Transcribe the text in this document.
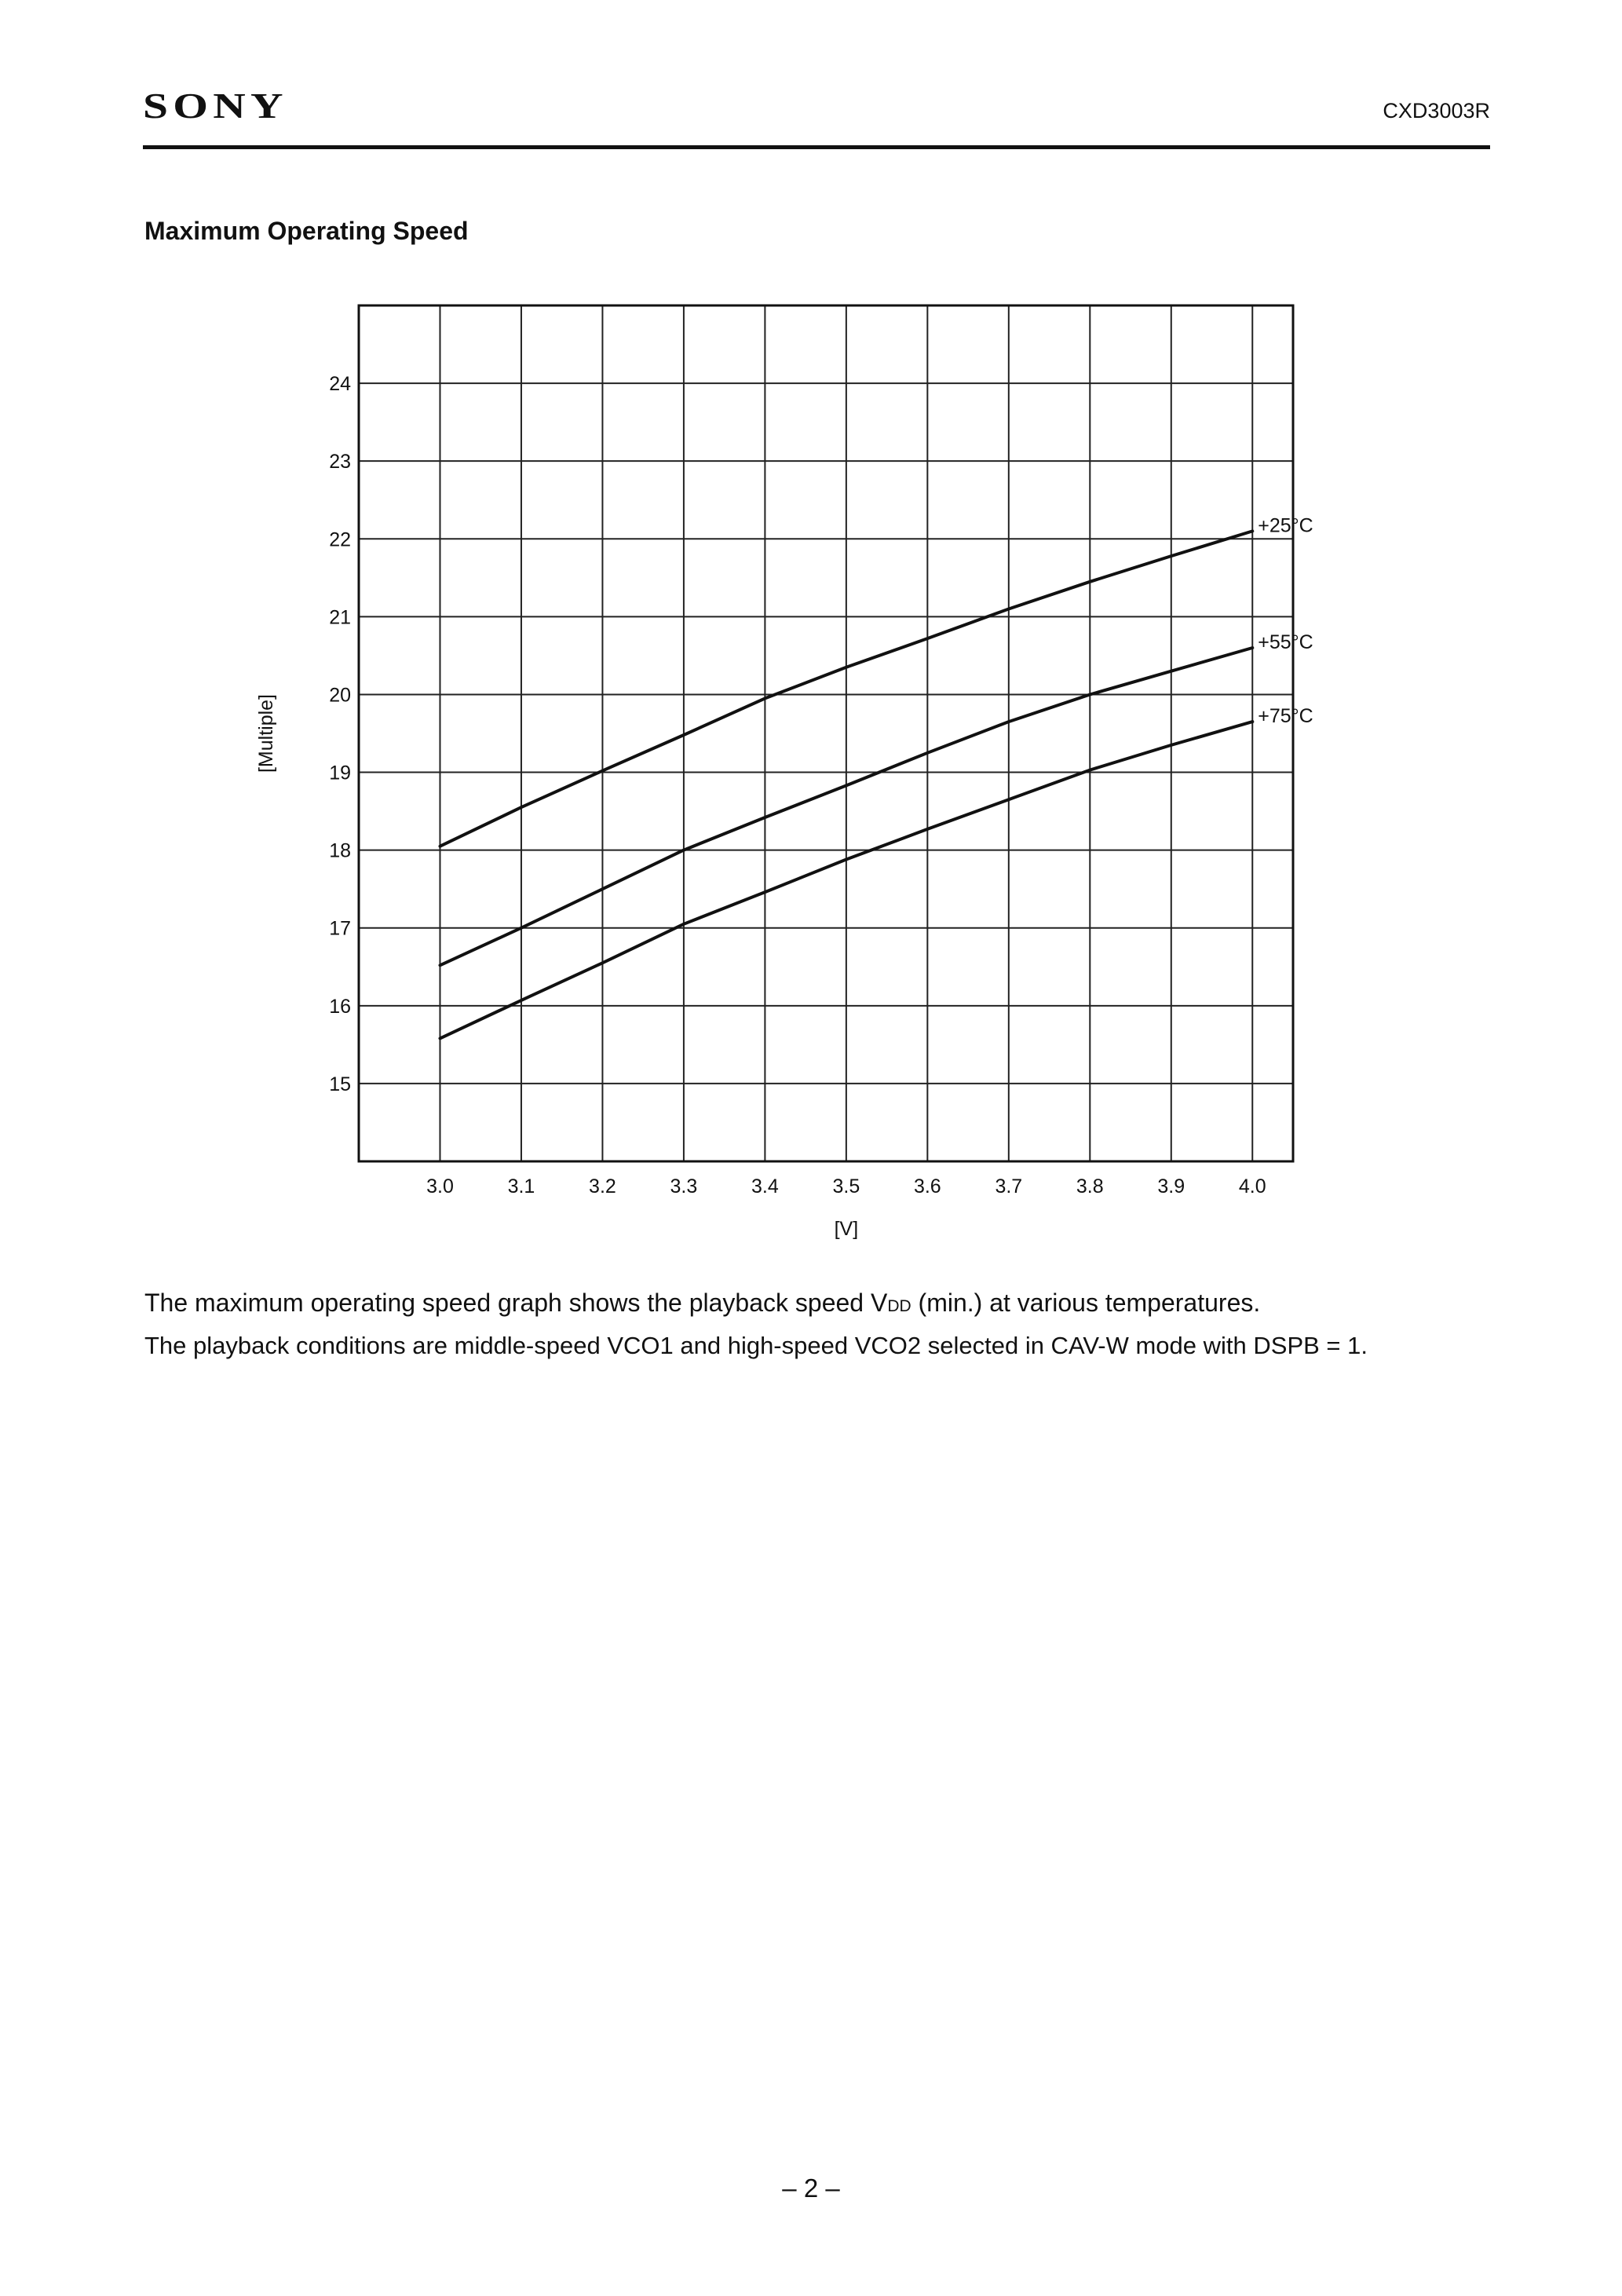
SONY	CXD3003R
Maximum Operating Speed
3.0	3.1	3.2	3.3	3.4	3.5	3.6	3.7	3.8	3.9	4.0
15
16
17
18
19
20
21
22
23
24
[V]
[Multiple]
+25°C
+55°C
+75°C
The maximum operating speed graph shows the playback speed VDD (min.) at various temperatures.
The playback conditions are middle-speed VCO1 and high-speed VCO2 selected in CAV-W mode with DSPB = 1.
– 2 –
